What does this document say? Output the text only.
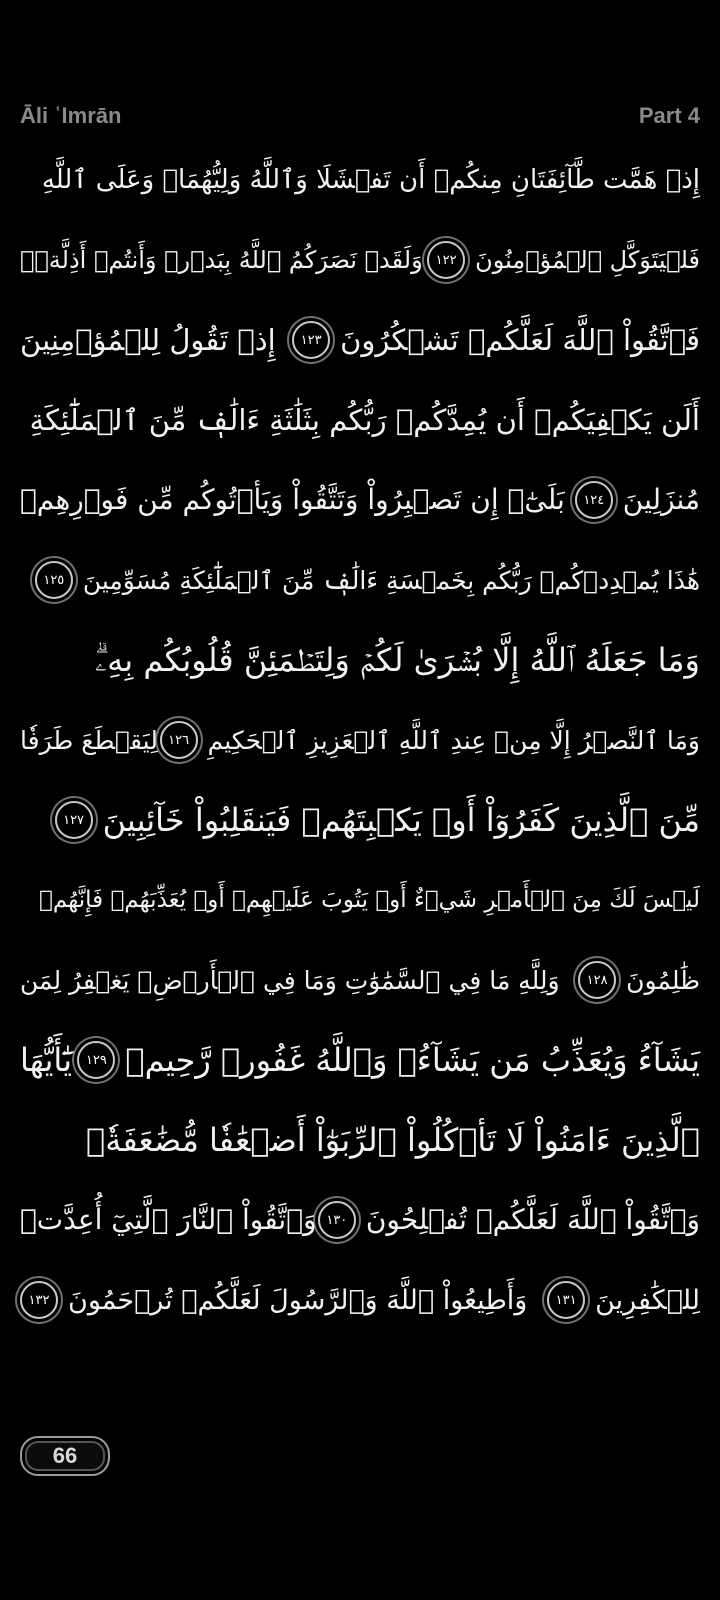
Āli ʿImrān	Part 4
إِذۡ هَمَّت طَّآئِفَتَانِ مِنكُمۡ أَن تَفۡشَلَا وَٱللَّهُ وَلِيُّهُمَاۗ وَعَلَى ٱللَّهِ
فَلۡيَتَوَكَّلِ ٱلۡمُؤۡمِنُونَ
١٢٢
وَلَقَدۡ نَصَرَكُمُ ٱللَّهُ بِبَدۡرٖ وَأَنتُمۡ أَذِلَّةٞۖ
فَٱتَّقُواْ ٱللَّهَ لَعَلَّكُمۡ تَشۡكُرُونَ
١٢٣
إِذۡ تَقُولُ لِلۡمُؤۡمِنِينَ
أَلَن يَكۡفِيَكُمۡ أَن يُمِدَّكُمۡ رَبُّكُم بِثَلَٰثَةِ ءَالَٰفٖ مِّنَ ٱلۡمَلَٰٓئِكَةِ
مُنزَلِينَ
١٢٤
بَلَىٰٓۚ إِن تَصۡبِرُواْ وَتَتَّقُواْ وَيَأۡتُوكُم مِّن فَوۡرِهِمۡ
هَٰذَا يُمۡدِدۡكُمۡ رَبُّكُم بِخَمۡسَةِ ءَالَٰفٖ مِّنَ ٱلۡمَلَٰٓئِكَةِ مُسَوِّمِينَ
١٢٥
وَمَا جَعَلَهُ ٱللَّهُ إِلَّا بُشۡرَىٰ لَكُمۡ وَلِتَطۡمَئِنَّ قُلُوبُكُم بِهِۦۗ
وَمَا ٱلنَّصۡرُ إِلَّا مِنۡ عِندِ ٱللَّهِ ٱلۡعَزِيزِ ٱلۡحَكِيمِ
١٢٦
لِيَقۡطَعَ طَرَفٗا
مِّنَ ٱلَّذِينَ كَفَرُوٓاْ أَوۡ يَكۡبِتَهُمۡ فَيَنقَلِبُواْ خَآئِبِينَ
١٢٧
لَيۡسَ لَكَ مِنَ ٱلۡأَمۡرِ شَيۡءٌ أَوۡ يَتُوبَ عَلَيۡهِمۡ أَوۡ يُعَذِّبَهُمۡ فَإِنَّهُمۡ
ظَٰلِمُونَ
١٢٨
وَلِلَّهِ مَا فِي ٱلسَّمَٰوَٰتِ وَمَا فِي ٱلۡأَرۡضِۚ يَغۡفِرُ لِمَن
يَشَآءُ وَيُعَذِّبُ مَن يَشَآءُۚ وَٱللَّهُ غَفُورٞ رَّحِيمٞ
١٢٩
يَٰٓأَيُّهَا
ٱلَّذِينَ ءَامَنُواْ لَا تَأۡكُلُواْ ٱلرِّبَوٰٓاْ أَضۡعَٰفٗا مُّضَٰعَفَةٗۖ
وَٱتَّقُواْ ٱللَّهَ لَعَلَّكُمۡ تُفۡلِحُونَ
١٣٠
وَٱتَّقُواْ ٱلنَّارَ ٱلَّتِيٓ أُعِدَّتۡ
لِلۡكَٰفِرِينَ
١٣١
وَأَطِيعُواْ ٱللَّهَ وَٱلرَّسُولَ لَعَلَّكُمۡ تُرۡحَمُونَ
١٣٢
66
